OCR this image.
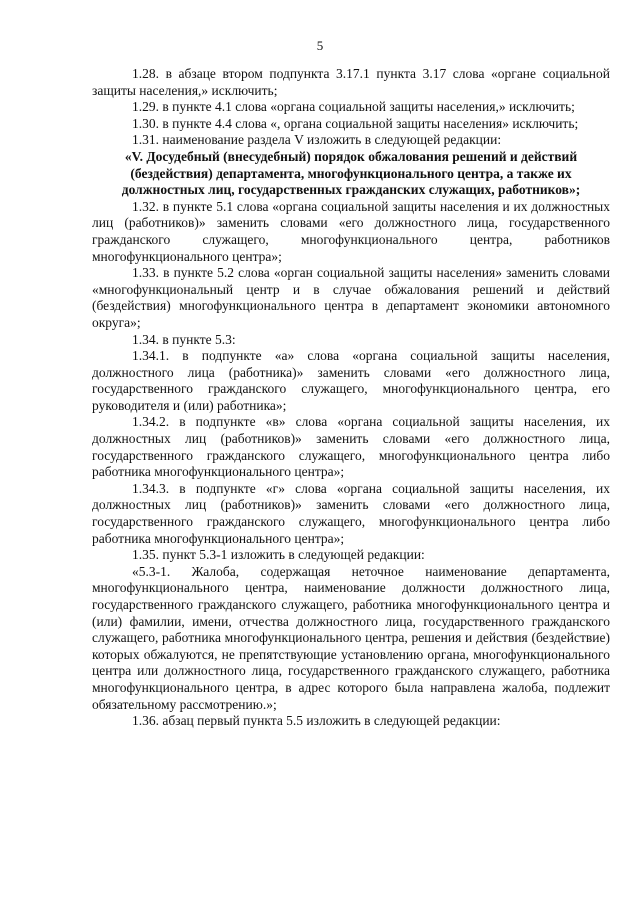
5

1.28. в абзаце втором подпункта 3.17.1 пункта 3.17 слова «органе социальной защиты населения,» исключить;

1.29. в пункте 4.1 слова «органа социальной защиты населения,» исключить;

1.30. в пункте 4.4 слова «, органа социальной защиты населения» исключить;

1.31. наименование раздела V изложить в следующей редакции:

«V. Досудебный (внесудебный) порядок обжалования решений и действий (бездействия) департамента, многофункционального центра, а также их должностных лиц, государственных гражданских служащих, работников»;

1.32. в пункте 5.1 слова «органа социальной защиты населения и их должностных лиц (работников)» заменить словами «его должностного лица, государственного гражданского служащего, многофункционального центра, работников многофункционального центра»;

1.33. в пункте 5.2 слова «орган социальной защиты населения» заменить словами «многофункциональный центр и в случае обжалования решений и действий (бездействия) многофункционального центра в департамент экономики автономного округа»;

1.34. в пункте 5.3:

1.34.1. в подпункте «а» слова «органа социальной защиты населения, должностного лица (работника)» заменить словами «его должностного лица, государственного гражданского служащего, многофункционального центра, его руководителя и (или) работника»;

1.34.2. в подпункте «в» слова «органа социальной защиты населения, их должностных лиц (работников)» заменить словами «его должностного лица, государственного гражданского служащего, многофункционального центра либо работника многофункционального центра»;

1.34.3. в подпункте «г» слова «органа социальной защиты населения, их должностных лиц (работников)» заменить словами «его должностного лица, государственного гражданского служащего, многофункционального центра либо работника многофункционального центра»;

1.35. пункт 5.3-1 изложить в следующей редакции:

«5.3-1. Жалоба, содержащая неточное наименование департамента, многофункционального центра, наименование должности должностного лица, государственного гражданского служащего, работника многофункционального центра и (или) фамилии, имени, отчества должностного лица, государственного гражданского служащего, работника многофункционального центра, решения и действия (бездействие) которых обжалуются, не препятствующие установлению органа, многофункционального центра или должностного лица, государственного гражданского служащего, работника многофункционального центра, в адрес которого была направлена жалоба, подлежит обязательному рассмотрению.»;

1.36. абзац первый пункта 5.5 изложить в следующей редакции:
